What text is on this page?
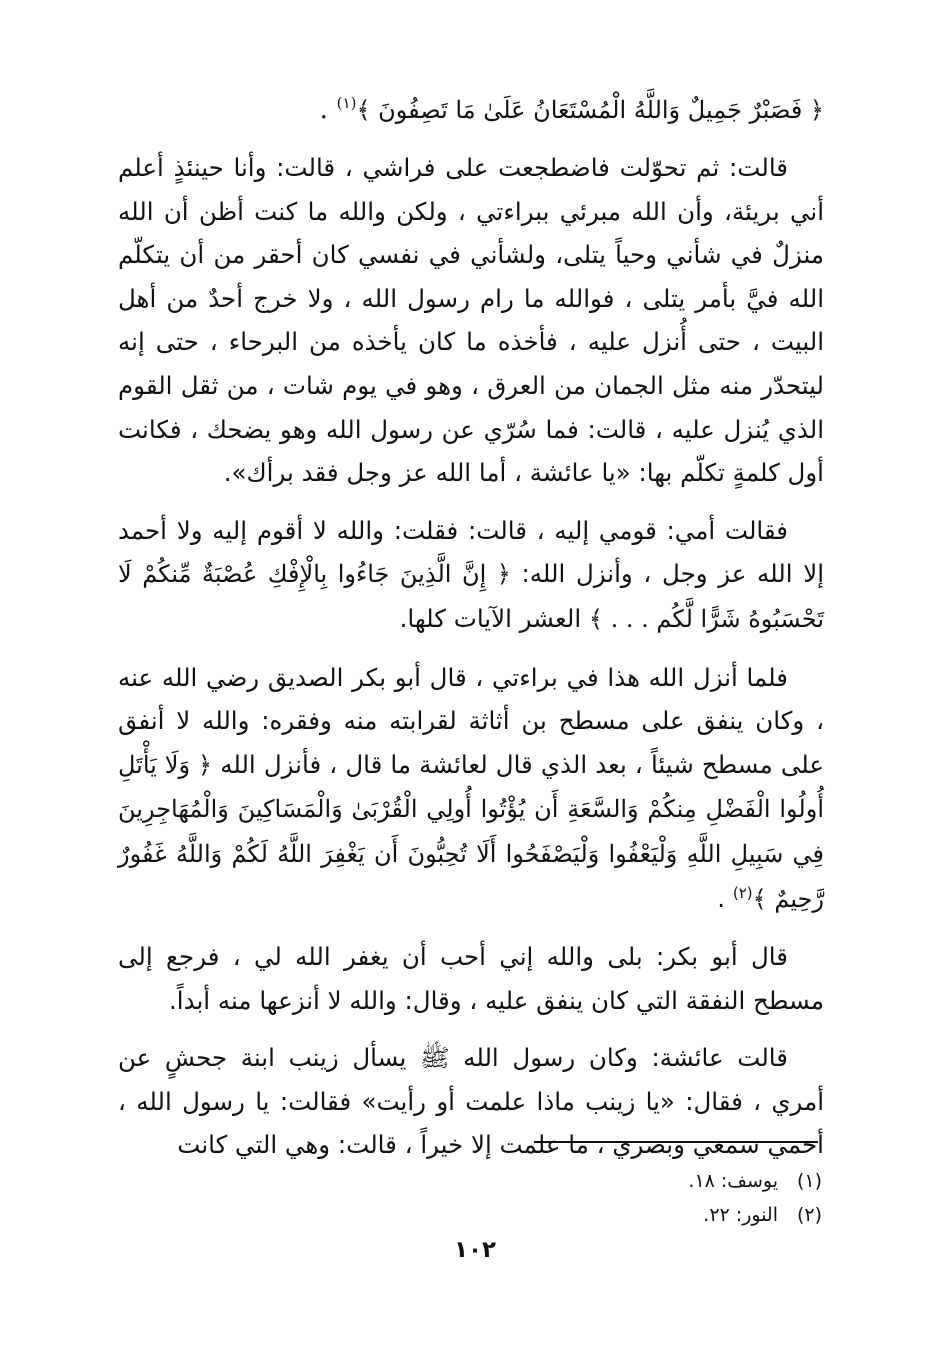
﴿ فَصَبْرٌ جَمِيلٌ وَاللَّهُ الْمُسْتَعَانُ عَلَىٰ مَا تَصِفُونَ ﴾$^{(١)}$ .

قالت: ثم تحوّلت فاضطجعت على فراشي ، قالت: وأنا حينئذٍ أعلم أني بريئة، وأن الله مبرئي ببراءتي ، ولكن والله ما كنت أظن أن الله منزلٌ في شأني وحياً يتلى، ولشأني في نفسي كان أحقر من أن يتكلّم الله فيَّ بأمر يتلى ، فوالله ما رام رسول الله ، ولا خرج أحدٌ من أهل البيت ، حتى أُنزل عليه ، فأخذه ما كان يأخذه من البرحاء ، حتى إنه ليتحدّر منه مثل الجمان من العرق ، وهو في يوم شات ، من ثقل القوم الذي يُنزل عليه ، قالت: فما سُرّي عن رسول الله وهو يضحك ، فكانت أول كلمةٍ تكلّم بها: «يا عائشة ، أما الله عز وجل فقد برأك».

فقالت أمي: قومي إليه ، قالت: فقلت: والله لا أقوم إليه ولا أحمد إلا الله عز وجل ، وأنزل الله: ﴿ إِنَّ الَّذِينَ جَاءُوا بِالْإِفْكِ عُصْبَةٌ مِّنكُمْ لَا تَحْسَبُوهُ شَرًّا لَّكُم . . . ﴾ العشر الآيات كلها.

فلما أنزل الله هذا في براءتي ، قال أبو بكر الصديق رضي الله عنه ، وكان ينفق على مسطح بن أثاثة لقرابته منه وفقره: والله لا أنفق على مسطح شيئاً ، بعد الذي قال لعائشة ما قال ، فأنزل الله ﴿ وَلَا يَأْتَلِ أُولُوا الْفَضْلِ مِنكُمْ وَالسَّعَةِ أَن يُؤْتُوا أُولِي الْقُرْبَىٰ وَالْمَسَاكِينَ وَالْمُهَاجِرِينَ فِي سَبِيلِ اللَّهِ وَلْيَعْفُوا وَلْيَصْفَحُوا أَلَا تُحِبُّونَ أَن يَغْفِرَ اللَّهُ لَكُمْ وَاللَّهُ غَفُورٌ رَّحِيمٌ ﴾$^{(٢)}$ .

قال أبو بكر: بلى والله إني أحب أن يغفر الله لي ، فرجع إلى مسطح النفقة التي كان ينفق عليه ، وقال: والله لا أنزعها منه أبداً.

قالت عائشة: وكان رسول الله ﷺ يسأل زينب ابنة جحشٍ عن أمري ، فقال: «يا زينب ماذا علمت أو رأيت» فقالت: يا رسول الله ، أحمي سمعي وبصري ، ما علمت إلا خيراً ، قالت: وهي التي كانت

(١)يوسف: ١٨.
(٢)النور: ٢٢.
١٠٢
